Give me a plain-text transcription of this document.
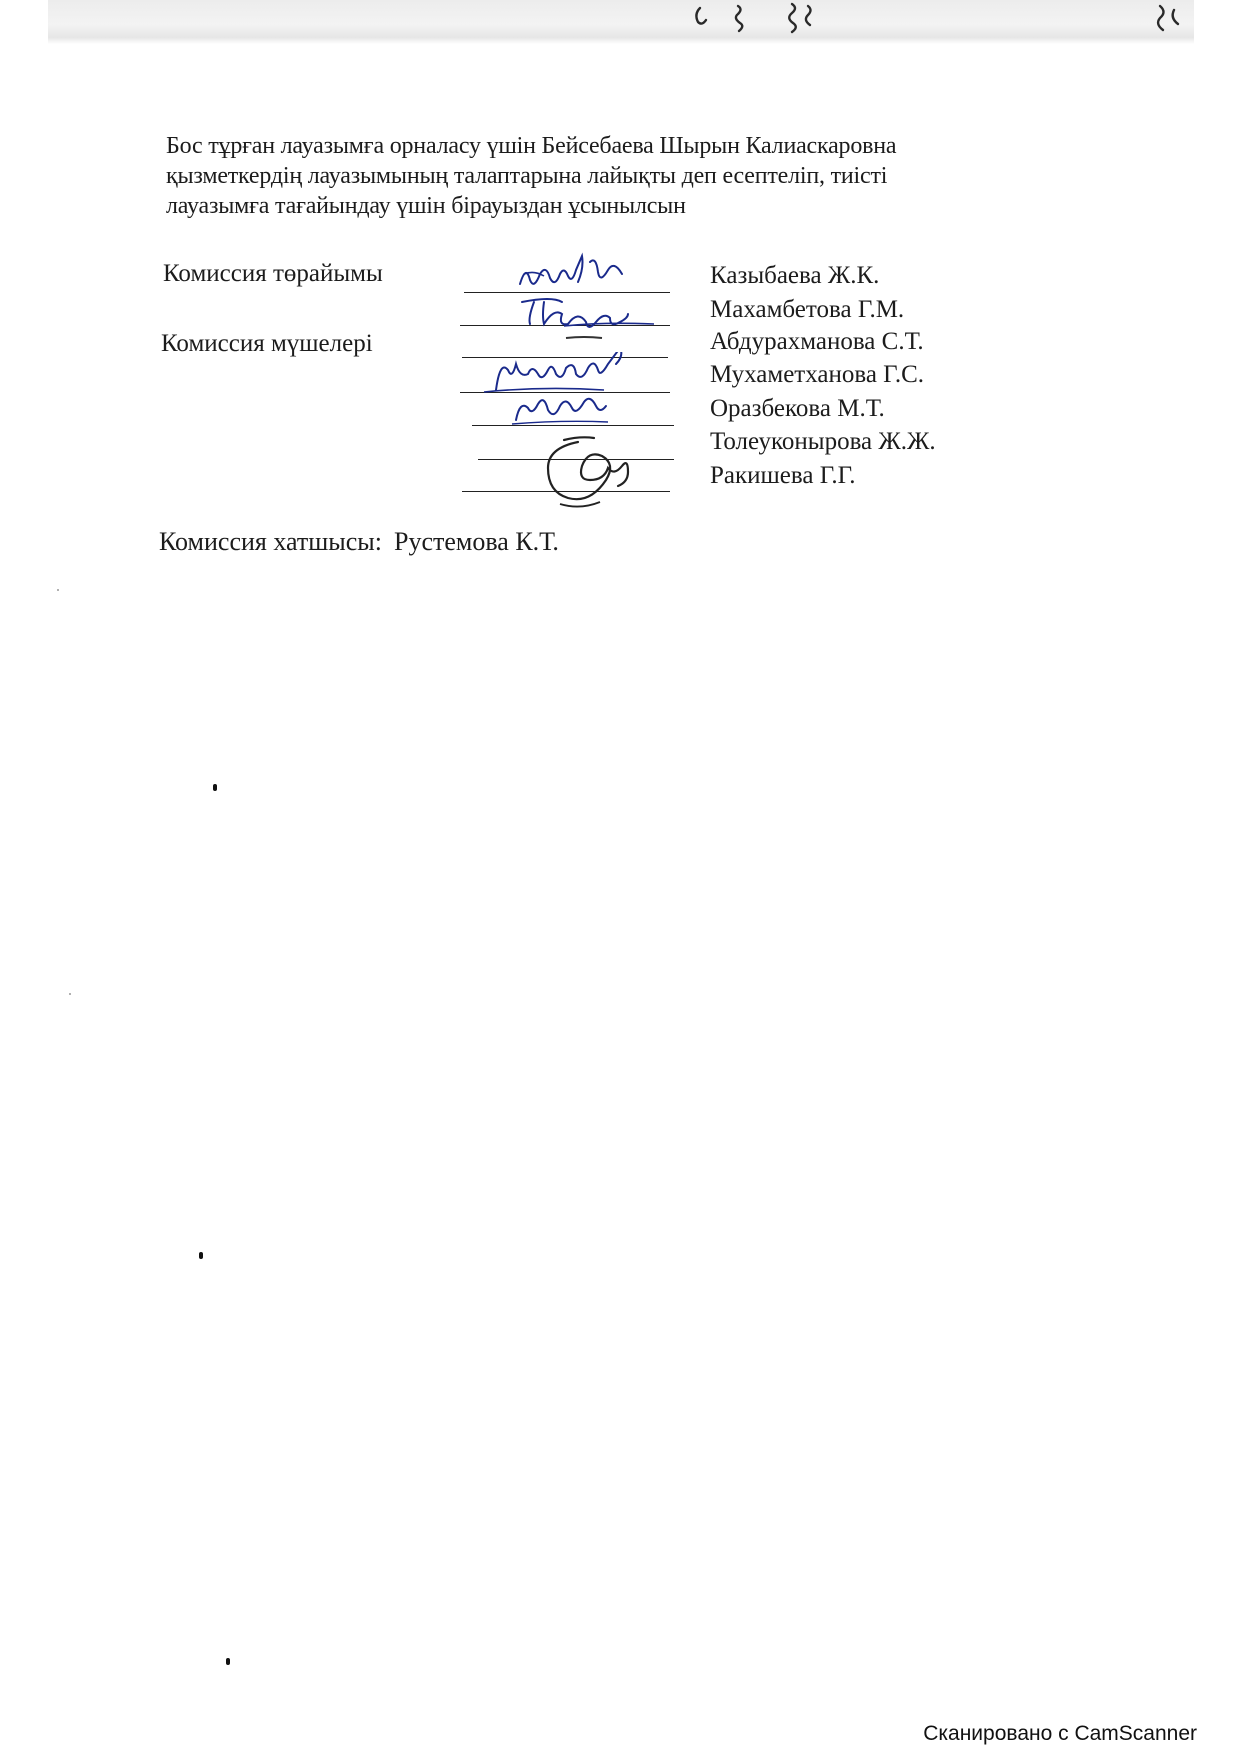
Бос тұрған лауазымға орналасу үшін Бейсебаева Шырын Калиаскаровна
қызметкердің лауазымының талаптарына лайықты деп есептеліп, тиісті
лауазымға тағайындау үшін бірауыздан ұсынылсын
Комиссия төрайымы
Комиссия мүшелері
Казыбаева Ж.К.
Махамбетова Г.М.
Абдурахманова С.Т.
Мухаметханова Г.С.
Оразбекова М.Т.
Толеуконырова Ж.Ж.
Ракишева Г.Г.
Комиссия хатшысы: Рустемова К.Т.
Сканировано с CamScanner
